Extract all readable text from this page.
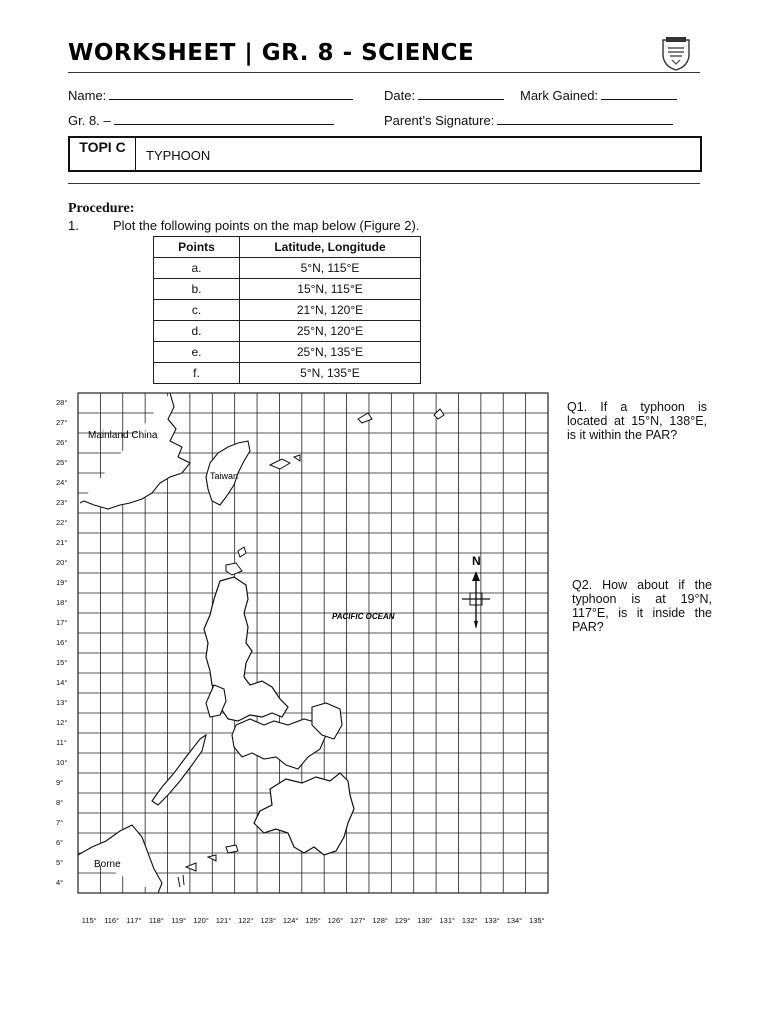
WORKSHEET | GR. 8 - SCIENCE
Name:	Date:	Mark Gained:
Gr. 8. –	Parent’s Signature:
TOPI C
TYPHOON
Procedure:
1.	Plot the following points on the map below (Figure 2).
Points	Latitude, Longitude
a.	5°N, 115°E
b.	15°N, 115°E
c.	21°N, 120°E
d.	25°N, 120°E
e.	25°N, 135°E
f.	5°N, 135°E
28°
27°
26°
25°
24°
23°
22°
21°
20°
19°
18°
17°
16°
15°
14°
13°
12°
11°
10°
9°
8°
7°
6°
5°
4°
115° 116° 117° 118° 119° 120° 121° 122° 123° 124° 125° 126° 127° 128° 129° 130° 131° 132° 133° 134° 135°
Mainland China
Taiwan
PACIFIC OCEAN
Borne
N
Q1. If a typhoon is located at 15°N, 138°E, is it within the PAR?
Q2. How about if the typhoon is at 19°N, 117°E, is it inside the PAR?
